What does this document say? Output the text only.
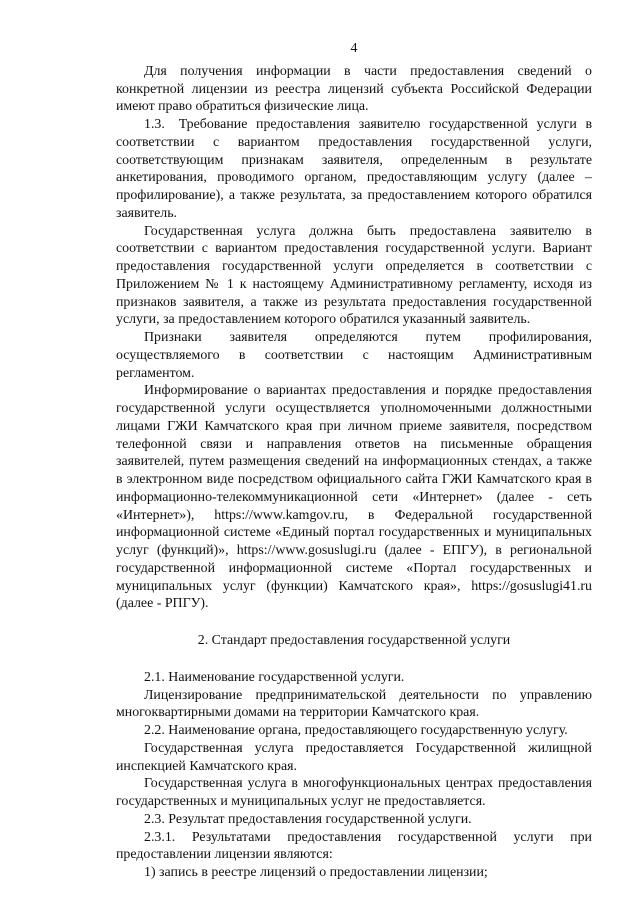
4

Для получения информации в части предоставления сведений о конкретной лицензии из реестра лицензий субъекта Российской Федерации имеют право обратиться физические лица.

1.3. Требование предоставления заявителю государственной услуги в соответствии с вариантом предоставления государственной услуги, соответствующим признакам заявителя, определенным в результате анкетирования, проводимого органом, предоставляющим услугу (далее – профилирование), а также результата, за предоставлением которого обратился заявитель.

Государственная услуга должна быть предоставлена заявителю в соответствии с вариантом предоставления государственной услуги. Вариант предоставления государственной услуги определяется в соответствии с Приложением № 1 к настоящему Административному регламенту, исходя из признаков заявителя, а также из результата предоставления государственной услуги, за предоставлением которого обратился указанный заявитель.

Признаки заявителя определяются путем профилирования, осуществляемого в соответствии с настоящим Административным регламентом.

Информирование о вариантах предоставления и порядке предоставления государственной услуги осуществляется уполномоченными должностными лицами ГЖИ Камчатского края при личном приеме заявителя, посредством телефонной связи и направления ответов на письменные обращения заявителей, путем размещения сведений на информационных стендах, а также в электронном виде посредством официального сайта ГЖИ Камчатского края в информационно-телекоммуникационной сети «Интернет» (далее - сеть «Интернет»), https://www.kamgov.ru, в Федеральной государственной информационной системе «Единый портал государственных и муниципальных услуг (функций)», https://www.gosuslugi.ru (далее - ЕПГУ), в региональной государственной информационной системе «Портал государственных и муниципальных услуг (функции) Камчатского края», https://gosuslugi41.ru (далее - РПГУ).

2. Стандарт предоставления государственной услуги

2.1. Наименование государственной услуги.

Лицензирование предпринимательской деятельности по управлению многоквартирными домами на территории Камчатского края.

2.2. Наименование органа, предоставляющего государственную услугу.

Государственная услуга предоставляется Государственной жилищной инспекцией Камчатского края.

Государственная услуга в многофункциональных центрах предоставления государственных и муниципальных услуг не предоставляется.

2.3. Результат предоставления государственной услуги.

2.3.1. Результатами предоставления государственной услуги при предоставлении лицензии являются:

1) запись в реестре лицензий о предоставлении лицензии;
